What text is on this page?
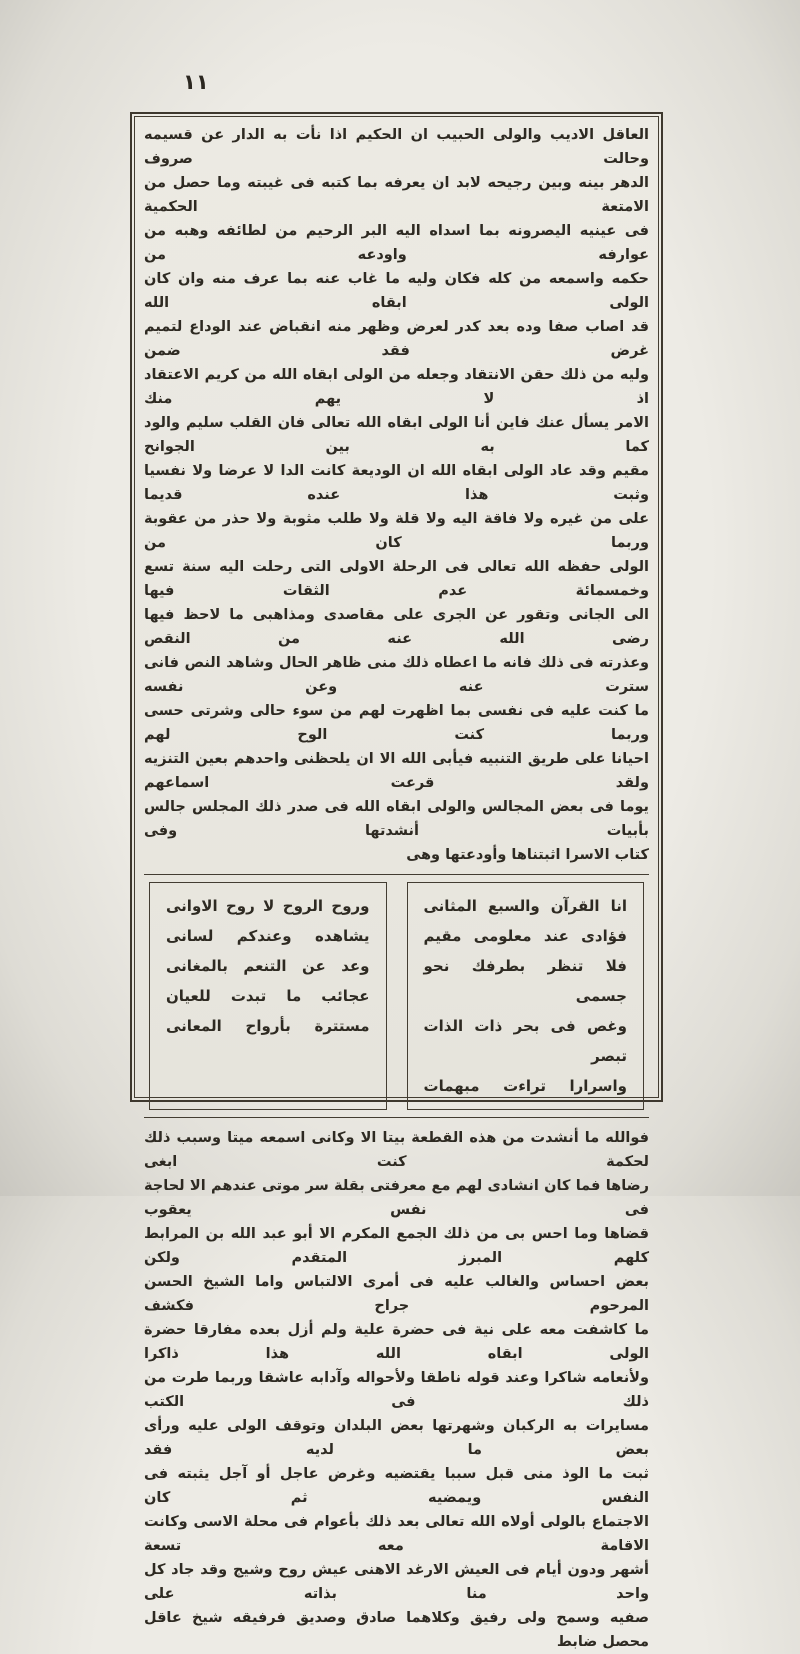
١١
العاقل الاديب والولى الحبيب ان الحكيم اذا نأت به الدار عن قسيمه وحالت صروف
الدهر بينه وبين رجيحه لابد ان يعرفه بما كتبه فى غيبته وما حصل من الامتعة الحكمية
فى عينيه اليصرونه بما اسداه اليه البر الرحيم من لطائفه وهبه من عوارفه واودعه من
حكمه واسمعه من كله فكان وليه ما غاب عنه بما عرف منه وان كان الولى ابقاه الله
قد اصاب صفا وده بعد كدر لعرض وظهر منه انقباض عند الوداع لتميم غرض فقد ضمن
وليه من ذلك حقن الانتقاد وجعله من الولى ابقاه الله من كريم الاعتقاد اذ لا يهم منك
الامر يسأل عنك فاين أنا الولى ابقاه الله تعالى فان القلب سليم والود كما به بين الجوانح
مقيم وقد عاد الولى ابقاه الله ان الوديعة كانت الدا لا عرضا ولا نفسيا وثبت هذا عنده قديما
على من غيره ولا فاقة اليه ولا قلة ولا طلب مثوبة ولا حذر من عقوبة وربما كان من
الولى حفظه الله تعالى فى الرحلة الاولى التى رحلت اليه سنة تسع وخمسمائة عدم الثقات فيها
الى الجانى وتقور عن الجرى على مقاصدى ومذاهبى ما لاحظ فيها رضى الله عنه من النقص
وعذرته فى ذلك فانه ما اعطاه ذلك منى ظاهر الحال وشاهد النص فانى سترت عنه وعن نفسه
ما كنت عليه فى نفسى بما اظهرت لهم من سوء حالى وشرتى حسى وربما كنت الوح لهم
احيانا على طريق التنبيه فيأبى الله الا ان يلحظنى واحدهم بعين التنزيه ولقد قرعت اسماعهم
يوما فى بعض المجالس والولى ابقاه الله فى صدر ذلك المجلس جالس بأبيات أنشدتها وفى
كتاب الاسرا اثبتناها وأودعتها وهى
انا القرآن والسبع المثانى
فؤادى عند معلومى مقيم
فلا تنظر بطرفك نحو جسمى
وغص فى بحر ذات الذات تبصر
واسرارا تراءت مبهمات
وروح الروح لا روح الاوانى
يشاهده وعندكم لسانى
وعد عن التنعم بالمغانى
عجائب ما تبدت للعيان
مستترة بأرواح المعانى
فوالله ما أنشدت من هذه القطعة بيتا الا وكانى اسمعه ميتا وسبب ذلك لحكمة كنت ابغى
رضاها فما كان انشادى لهم مع معرفتى بقلة سر موتى عندهم الا لحاجة فى نفس يعقوب
قضاها وما احس بى من ذلك الجمع المكرم الا أبو عبد الله بن المرابط كلهم المبرز المتقدم ولكن
بعض احساس والغالب عليه فى أمرى الالتباس واما الشيخ الحسن المرحوم جراح فكشف
ما كاشفت معه على نية فى حضرة علية ولم أزل بعده مفارقا حضرة الولى ابقاه الله هذا ذاكرا
ولأنعامه شاكرا وعند قوله ناطقا ولأحواله وآدابه عاشقا وربما طرت من ذلك فى الكتب
مسايرات به الركبان وشهرتها بعض البلدان وتوقف الولى عليه ورأى بعض ما لديه فقد
ثبت ما الوذ منى قبل سببا يقتضيه وغرض عاجل أو آجل يثبته فى النفس ويمضيه ثم كان
الاجتماع بالولى أولاه الله تعالى بعد ذلك بأعوام فى محلة الاسى وكانت الاقامة معه تسعة
أشهر ودون أيام فى العيش الارغد الاهنى عيش روح وشيج وقد جاد كل واحد منا بذاته على
صفيه وسمح ولى رفيق وكلاهما صادق وصديق فرفيقه شيخ عاقل محصل ضابط
